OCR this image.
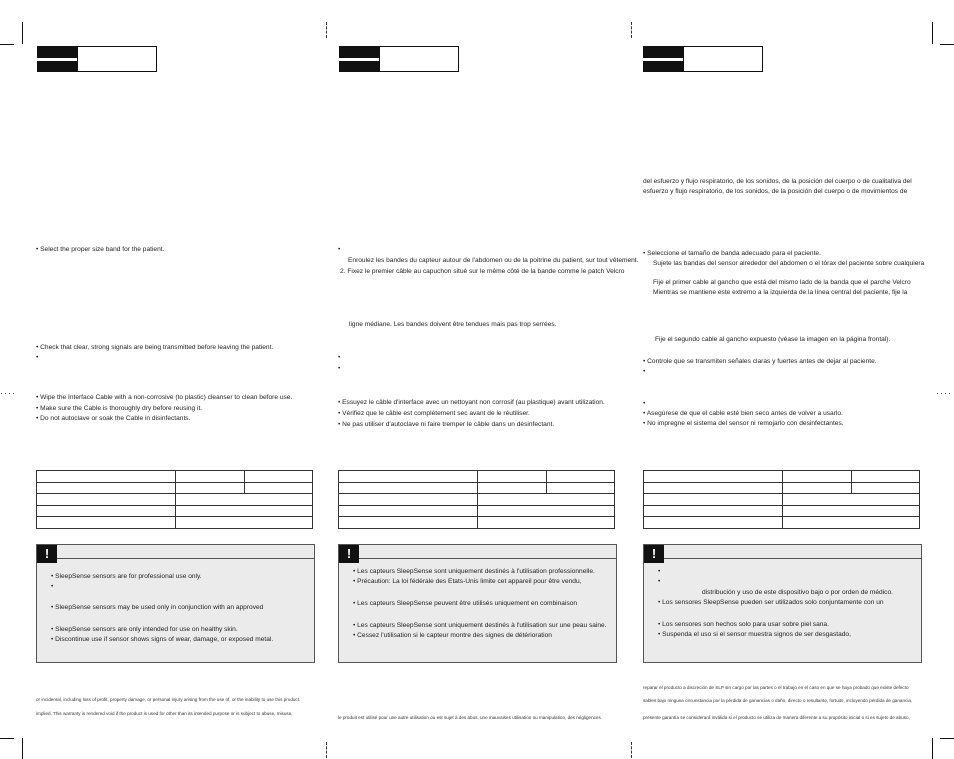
····	····
• Select the proper size band for the patient.
• Check that clear, strong signals are being transmitted before leaving the patient.
•
• Wipe the Interface Cable with a non-corrosive (to plastic) cleanser to clean before use.
• Make sure the Cable is thoroughly dry before reusing it.
• Do not autoclave or soak the Cable in disinfectants.

!
• SleepSense sensors are for professional use only.
•
• SleepSense sensors may be used only in conjunction with an approved
• SleepSense sensors are only intended for use on healthy skin.
• Discontinue use if sensor shows signs of wear, damage, or exposed metal.
or incidental, including loss of profit, property damage, or personal injury arising from the use of, or the inability to use this product.
implied. This warranty is rendered void if the product is used for other than its intended purpose or is subject to abuse, misuse,
•
Enroulez les bandes du capteur autour de l'abdomen ou de la poitrine du patient, sur tout vêtement.
2. Fixez le premier câble au capuchon situé sur le même côté de la bande comme le patch Velcro
ligne médiane. Les bandes doivent être tendues mais pas trop serrées.
•
•
• Essuyez le câble d'interface avec un nettoyant non corrosif (au plastique) avant utilization.
• Vérifiez que le câble est complètement sec avant de le réutiliser.
• Ne pas utiliser d'autoclave ni faire tremper le câble dans un désinfectant.

!
• Les capteurs SleepSense sont uniquement destinés à l'utilisation professionnelle.
• Précaution: La loi fédérale des Etats-Unis limite cet appareil pour être vendu,
• Les capteurs SleepSense peuvent être utilisés uniquement en combinaison
• Les capteurs SleepSense sont uniquement destinés à l'utilisation sur une peau saine.
• Cessez l'utilisation si le capteur montre des signes de détérioration
le produit est utilisé pour une autre utilisation ou est sujet à des abus, une mauvaises utilisation ou manipulation, des négligences
del esfuerzo y flujo respiratorio, de los sonidos, de la posición del cuerpo o de cualitativa del
esfuerzo y flujo respiratorio, de los sonidos, de la posición del cuerpo o de movimientos de
• Seleccione el tamaño de banda adecuado para el paciente.
Sujete las bandas del sensor alrededor del abdomen o el tórax del paciente sobre cualquiera
Fije el primer cable al gancho que está del mismo lado de la banda que el parche Velcro
Mientras se mantiene este extremo a la izquierda de la línea central del paciente, fije la
Fije el segundo cable al gancho expuesto (véase la imagen en la página frontal).
• Controle que se transmiten señales claras y fuertes antes de dejar al paciente.
•
•
• Asegúrese de que el cable esté bien seco antes de volver a usarlo.
• No impregne el sistema del sensor ni remojarlo con desinfectantes.

!
•
•
distribución y uso de este dispositivo bajo o por orden de médico.
• Los sensores SleepSense pueden ser utilizados solo conjuntamente con un
• Los sensores son hechos solo para usar sobre piel sana.
• Suspenda el uso si el sensor muestra signos de ser desgastado,
reparar el producto a discreción de SLP sin cargo por las partes o el trabajo en el caso en que se haya probado que existe defecto
sables bajo ninguna circunstancia por la pérdida de ganancias o daño, directo o resultante, fortuito, incluyendo pérdida de ganancia,
presente garantía se considerará inválida si el producto se utiliza de manera diferente a su propósito inicial o si es sujeto de abuso,
